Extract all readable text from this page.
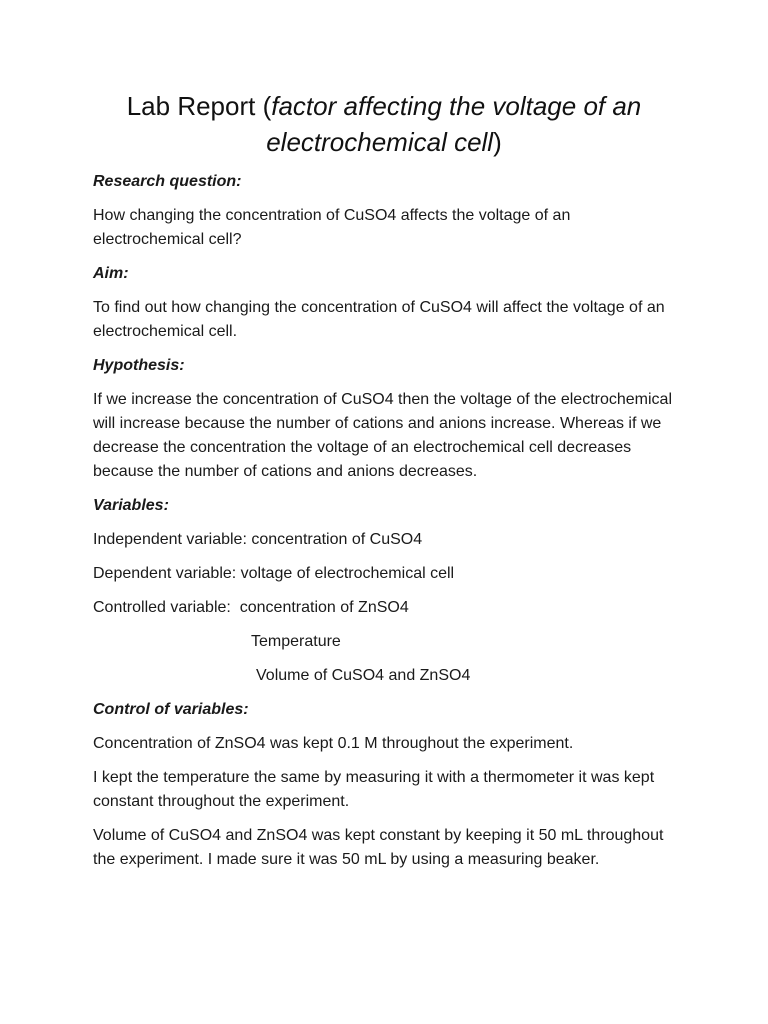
Lab Report (factor affecting the voltage of an electrochemical cell)
Research question:
How changing the concentration of CuSO4 affects the voltage of an electrochemical cell?
Aim:
To find out how changing the concentration of CuSO4 will affect the voltage of an electrochemical cell.
Hypothesis:
If we increase the concentration of CuSO4 then the voltage of the electrochemical will increase because the number of cations and anions increase. Whereas if we decrease the concentration the voltage of an electrochemical cell decreases because the number of cations and anions decreases.
Variables:
Independent variable: concentration of CuSO4
Dependent variable: voltage of electrochemical cell
Controlled variable:  concentration of ZnSO4
Temperature
Volume of CuSO4 and ZnSO4
Control of variables:
Concentration of ZnSO4 was kept 0.1 M throughout the experiment.
I kept the temperature the same by measuring it with a thermometer it was kept constant throughout the experiment.
Volume of CuSO4 and ZnSO4 was kept constant by keeping it 50 mL throughout the experiment. I made sure it was 50 mL by using a measuring beaker.
